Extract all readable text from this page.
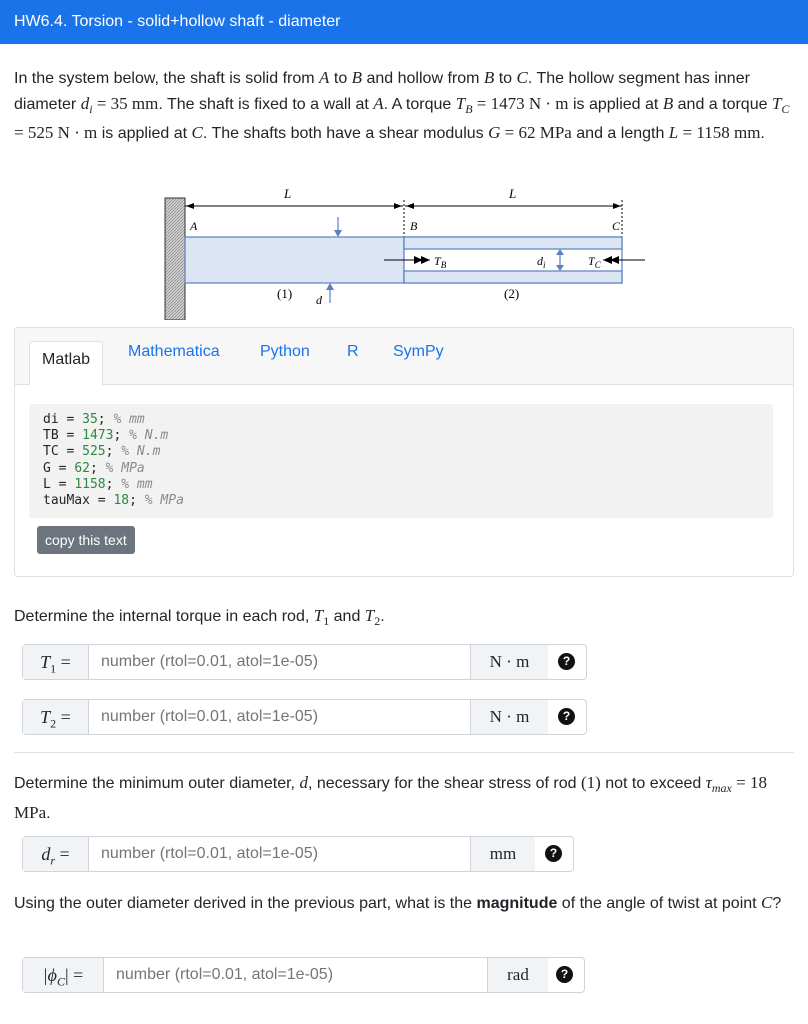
HW6.4. Torsion - solid+hollow shaft - diameter
In the system below, the shaft is solid from A to B and hollow from B to C. The hollow segment has inner diameter $d_i = 35$ mm. The shaft is fixed to a wall at A. A torque $T_B = 1473$ N · m is applied at B and a torque $T_C = 525$ N · m is applied at C. The shafts both have a shear modulus G = 62 MPa and a length L = 1158 mm.
L	L
A	B	C
$T_B$	$d_i$	$T_C$
(1) d	(2)
Matlab	Mathematica	Python R SymPy
di = 35; % mm
TB = 1473; % N.m
TC = 525; % N.m
G = 62; % MPa
L = 1158; % mm
tauMax = 18; % MPa
copy this text
Determine the internal torque in each rod, $T_1$ and $T_2$.
$T_1$ =
number (rtol=0.01, atol=1e-05)	N · m	?
$T_2$ =
number (rtol=0.01, atol=1e-05)	N · m	?
Determine the minimum outer diameter, d, necessary for the shear stress of rod (1) not to exceed $\tau_{max} = 18$ MPa.
$d_r$ =
number (rtol=0.01, atol=1e-05)	mm	?
Using the outer diameter derived in the previous part, what is the magnitude of the angle of twist at point C?
$|\phi_C|$ =
number (rtol=0.01, atol=1e-05)	rad	?
